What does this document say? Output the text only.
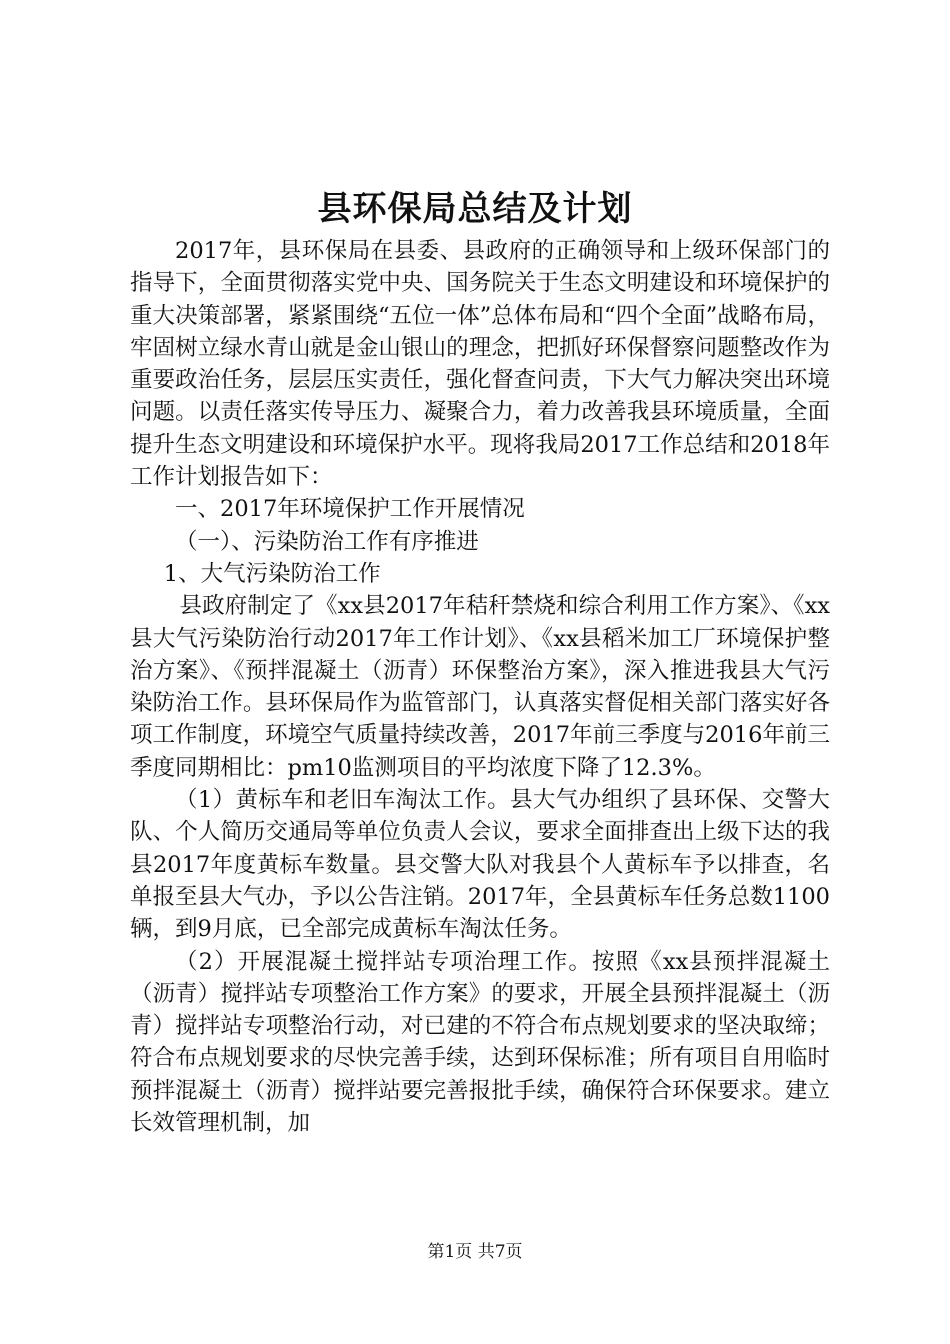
县环保局总结及计划

2017年，县环保局在县委、县政府的正确领导和上级环保部门的指导下，全面贯彻落实党中央、国务院关于生态文明建设和环境保护的重大决策部署，紧紧围绕“五位一体”总体布局和“四个全面”战略布局，牢固树立绿水青山就是金山银山的理念，把抓好环保督察问题整改作为重要政治任务，层层压实责任，强化督查问责，下大气力解决突出环境问题。以责任落实传导压力、凝聚合力，着力改善我县环境质量，全面提升生态文明建设和环境保护水平。现将我局2017工作总结和2018年工作计划报告如下：

一、2017年环境保护工作开展情况

（一）、污染防治工作有序推进

1、大气污染防治工作

县政府制定了《xx县2017年秸秆禁烧和综合利用工作方案》、《xx县大气污染防治行动2017年工作计划》、《xx县稻米加工厂环境保护整治方案》、《预拌混凝土（沥青）环保整治方案》，深入推进我县大气污染防治工作。县环保局作为监管部门，认真落实督促相关部门落实好各项工作制度，环境空气质量持续改善，2017年前三季度与2016年前三季度同期相比：pm10监测项目的平均浓度下降了12.3%。

（1）黄标车和老旧车淘汰工作。县大气办组织了县环保、交警大队、个人简历交通局等单位负责人会议，要求全面排查出上级下达的我县2017年度黄标车数量。县交警大队对我县个人黄标车予以排查，名单报至县大气办，予以公告注销。2017年，全县黄标车任务总数1100辆，到9月底，已全部完成黄标车淘汰任务。

（2）开展混凝土搅拌站专项治理工作。按照《xx县预拌混凝土（沥青）搅拌站专项整治工作方案》的要求，开展全县预拌混凝土（沥青）搅拌站专项整治行动，对已建的不符合布点规划要求的坚决取缔；符合布点规划要求的尽快完善手续，达到环保标准；所有项目自用临时预拌混凝土（沥青）搅拌站要完善报批手续，确保符合环保要求。建立长效管理机制，加

第1页 共7页
